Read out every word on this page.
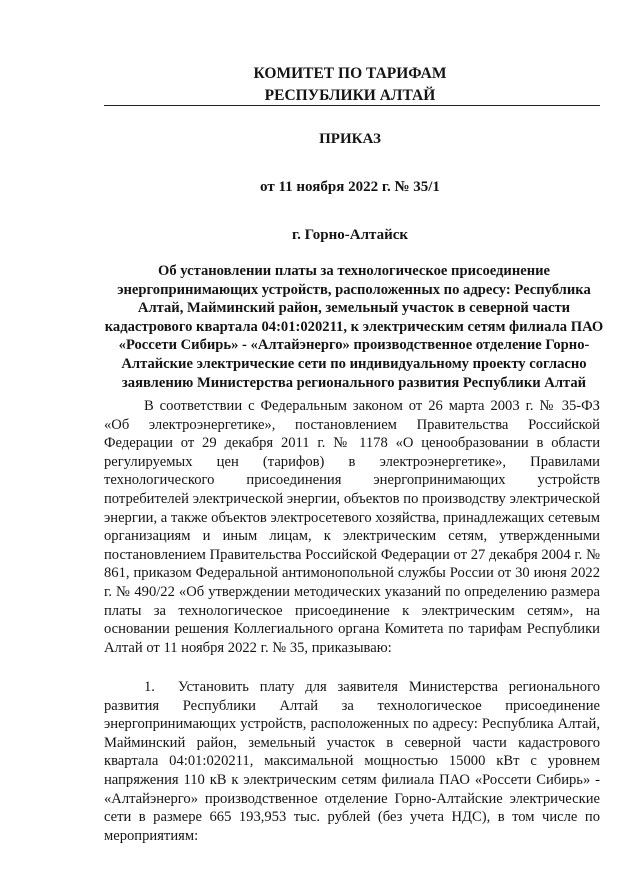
КОМИТЕТ ПО ТАРИФАМ
РЕСПУБЛИКИ АЛТАЙ
ПРИКАЗ
от 11 ноября 2022 г. № 35/1
г. Горно-Алтайск
Об установлении платы за технологическое присоединение энергопринимающих устройств, расположенных по адресу: Республика Алтай, Майминский район, земельный участок в северной части кадастрового квартала 04:01:020211, к электрическим сетям филиала ПАО «Россети Сибирь» - «Алтайэнерго» производственное отделение Горно-Алтайские электрические сети по индивидуальному проекту согласно заявлению Министерства регионального развития Республики Алтай
В соответствии с Федеральным законом от 26 марта 2003 г. № 35-ФЗ «Об электроэнергетике», постановлением Правительства Российской Федерации от 29 декабря 2011 г. № 1178 «О ценообразовании в области регулируемых цен (тарифов) в электроэнергетике», Правилами технологического присоединения энергопринимающих устройств потребителей электрической энергии, объектов по производству электрической энергии, а также объектов электросетевого хозяйства, принадлежащих сетевым организациям и иным лицам, к электрическим сетям, утвержденными постановлением Правительства Российской Федерации от 27 декабря 2004 г. № 861, приказом Федеральной антимонопольной службы России от 30 июня 2022 г. № 490/22 «Об утверждении методических указаний по определению размера платы за технологическое присоединение к электрическим сетям», на основании решения Коллегиального органа Комитета по тарифам Республики Алтай от 11 ноября 2022 г. № 35, приказываю:
1. Установить плату для заявителя Министерства регионального развития Республики Алтай за технологическое присоединение энергопринимающих устройств, расположенных по адресу: Республика Алтай, Майминский район, земельный участок в северной части кадастрового квартала 04:01:020211, максимальной мощностью 15000 кВт с уровнем напряжения 110 кВ к электрическим сетям филиала ПАО «Россети Сибирь» - «Алтайэнерго» производственное отделение Горно-Алтайские электрические сети в размере 665 193,953 тыс. рублей (без учета НДС), в том числе по мероприятиям:
